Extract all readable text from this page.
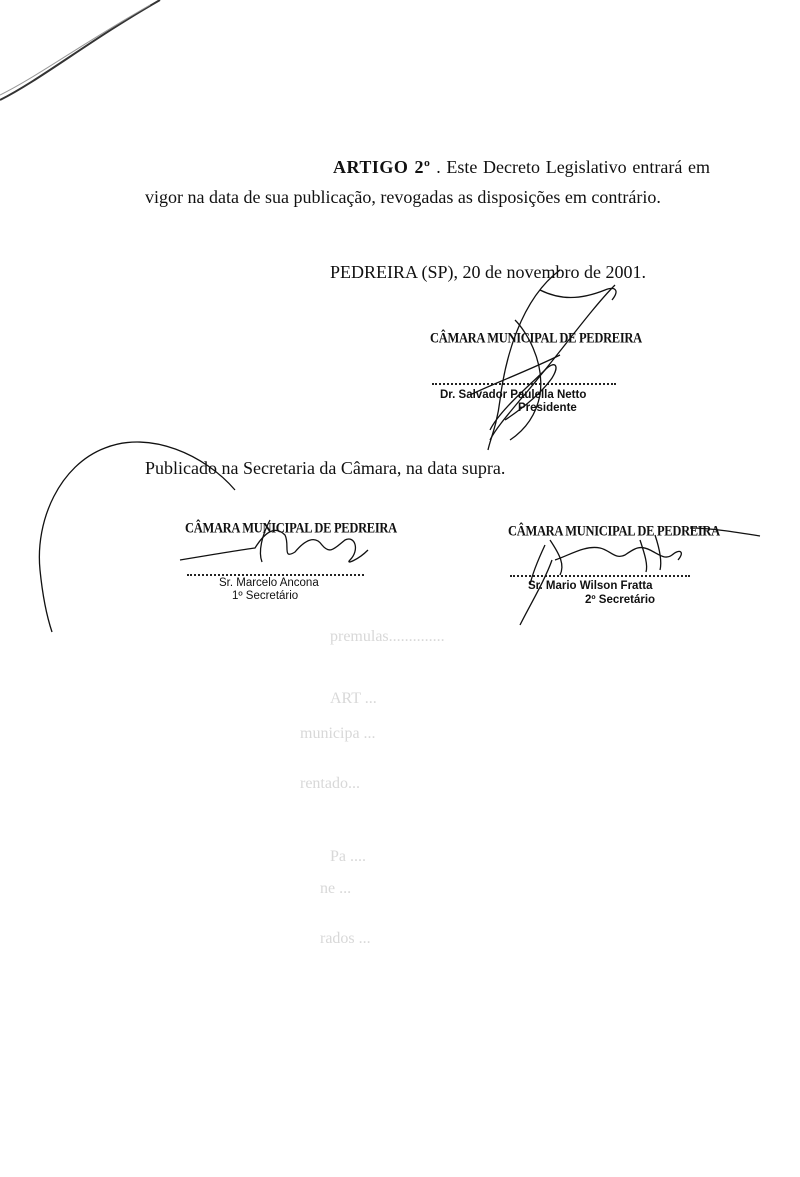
premulas..............
ART ...
municipa ...
rentado...
Pa ....
ne ...
rados ...
ARTIGO 2º . Este Decreto Legislativo entrará em vigor na data de sua publicação, revogadas as disposições em contrário.
PEDREIRA (SP), 20 de novembro de 2001.
CÂMARA MUNICIPAL DE PEDREIRA
Dr. Salvador Paulella Netto
Presidente
Publicado na Secretaria da Câmara, na data supra.
CÂMARA MUNICIPAL DE PEDREIRA
Sr. Marcelo Ancona
1º Secretário
CÂMARA MUNICIPAL DE PEDREIRA
Sr. Mario Wilson Fratta
2º Secretário
